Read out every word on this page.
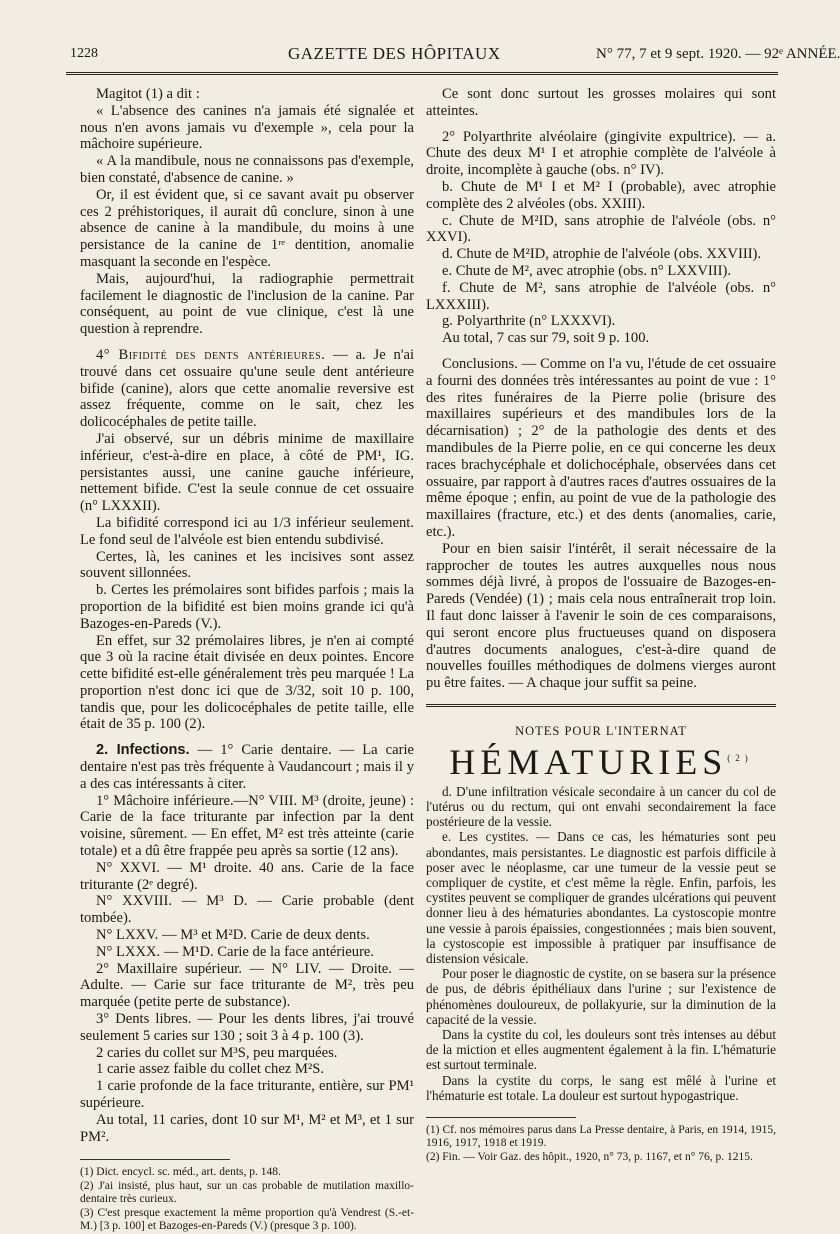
1228	GAZETTE DES HÔPITAUX	N° 77, 7 et 9 sept. 1920. — 92ᵉ ANNÉE.

Magitot (1) a dit :

« L'absence des canines n'a jamais été signalée et nous n'en avons jamais vu d'exemple », cela pour la mâchoire supérieure.

« A la mandibule, nous ne connaissons pas d'exemple, bien constaté, d'absence de canine. »

Or, il est évident que, si ce savant avait pu observer ces 2 préhistoriques, il aurait dû conclure, sinon à une absence de canine à la mandibule, du moins à une persistance de la canine de 1ʳᵉ dentition, anomalie masquant la seconde en l'espèce.

Mais, aujourd'hui, la radiographie permettrait facilement le diagnostic de l'inclusion de la canine. Par conséquent, au point de vue clinique, c'est là une question à reprendre.

4° Bifidité des dents antérieures. — a. Je n'ai trouvé dans cet ossuaire qu'une seule dent antérieure bifide (canine), alors que cette anomalie reversive est assez fréquente, comme on le sait, chez les dolicocéphales de petite taille.

J'ai observé, sur un débris minime de maxillaire inférieur, c'est-à-dire en place, à côté de PM¹, IG. persistantes aussi, une canine gauche inférieure, nettement bifide. C'est la seule connue de cet ossuaire (n° LXXXII).

La bifidité correspond ici au 1/3 inférieur seulement. Le fond seul de l'alvéole est bien entendu subdivisé.

Certes, là, les canines et les incisives sont assez souvent sillonnées.

b. Certes les prémolaires sont bifides parfois ; mais la proportion de la bifidité est bien moins grande ici qu'à Bazoges-en-Pareds (V.).

En effet, sur 32 prémolaires libres, je n'en ai compté que 3 où la racine était divisée en deux pointes. Encore cette bifidité est-elle généralement très peu marquée ! La proportion n'est donc ici que de 3/32, soit 10 p. 100, tandis que, pour les dolicocéphales de petite taille, elle était de 35 p. 100 (2).

2. Infections. — 1° Carie dentaire. — La carie dentaire n'est pas très fréquente à Vaudancourt ; mais il y a des cas intéressants à citer.

1° Mâchoire inférieure.—N° VIII. M³ (droite, jeune) : Carie de la face triturante par infection par la dent voisine, sûrement. — En effet, M² est très atteinte (carie totale) et a dû être frappée peu après sa sortie (12 ans).

N° XXVI. — M¹ droite. 40 ans. Carie de la face triturante (2ᵉ degré).

N° XXVIII. — M³ D. — Carie probable (dent tombée).

N° LXXV. — M³ et M²D. Carie de deux dents.

N° LXXX. — M¹D. Carie de la face antérieure.

2° Maxillaire supérieur. — N° LIV. — Droite. — Adulte. — Carie sur face triturante de M², très peu marquée (petite perte de substance).

3° Dents libres. — Pour les dents libres, j'ai trouvé seulement 5 caries sur 130 ; soit 3 à 4 p. 100 (3).

2 caries du collet sur M³S, peu marquées.

1 carie assez faible du collet chez M²S.

1 carie profonde de la face triturante, entière, sur PM¹ supérieure.

Au total, 11 caries, dont 10 sur M¹, M² et M³, et 1 sur PM².

(1) Dict. encycl. sc. méd., art. dents, p. 148.

(2) J'ai insisté, plus haut, sur un cas probable de mutilation maxillo-dentaire très curieux.

(3) C'est presque exactement la même proportion qu'à Vendrest (S.-et-M.) [3 p. 100] et Bazoges-en-Pareds (V.) (presque 3 p. 100).

Ce sont donc surtout les grosses molaires qui sont atteintes.

2° Polyarthrite alvéolaire (gingivite expultrice). — a. Chute des deux M¹ I et atrophie complète de l'alvéole à droite, incomplète à gauche (obs. n° IV).

b. Chute de M¹ I et M² I (probable), avec atrophie complète des 2 alvéoles (obs. XXIII).

c. Chute de M²ID, sans atrophie de l'alvéole (obs. n° XXVI).

d. Chute de M²ID, atrophie de l'alvéole (obs. XXVIII).

e. Chute de M², avec atrophie (obs. n° LXXVIII).

f. Chute de M², sans atrophie de l'alvéole (obs. n° LXXXIII).

g. Polyarthrite (n° LXXXVI).

Au total, 7 cas sur 79, soit 9 p. 100.

Conclusions. — Comme on l'a vu, l'étude de cet ossuaire a fourni des données très intéressantes au point de vue : 1° des rites funéraires de la Pierre polie (brisure des maxillaires supérieurs et des mandibules lors de la décarnisation) ; 2° de la pathologie des dents et des mandibules de la Pierre polie, en ce qui concerne les deux races brachycéphale et dolichocéphale, observées dans cet ossuaire, par rapport à d'autres races d'autres ossuaires de la même époque ; enfin, au point de vue de la pathologie des maxillaires (fracture, etc.) et des dents (anomalies, carie, etc.).

Pour en bien saisir l'intérêt, il serait nécessaire de la rapprocher de toutes les autres auxquelles nous nous sommes déjà livré, à propos de l'ossuaire de Bazoges-en-Pareds (Vendée) (1) ; mais cela nous entraînerait trop loin. Il faut donc laisser à l'avenir le soin de ces comparaisons, qui seront encore plus fructueuses quand on disposera d'autres documents analogues, c'est-à-dire quand de nouvelles fouilles méthodiques de dolmens vierges auront pu être faites. — A chaque jour suffit sa peine.

NOTES POUR L'INTERNAT

HÉMATURIES$^{(2)}$

d. D'une infiltration vésicale secondaire à un cancer du col de l'utérus ou du rectum, qui ont envahi secondairement la face postérieure de la vessie.

e. Les cystites. — Dans ce cas, les hématuries sont peu abondantes, mais persistantes. Le diagnostic est parfois difficile à poser avec le néoplasme, car une tumeur de la vessie peut se compliquer de cystite, et c'est même la règle. Enfin, parfois, les cystites peuvent se compliquer de grandes ulcérations qui peuvent donner lieu à des hématuries abondantes. La cystoscopie montre une vessie à parois épaissies, congestionnées ; mais bien souvent, la cystoscopie est impossible à pratiquer par insuffisance de distension vésicale.

Pour poser le diagnostic de cystite, on se basera sur la présence de pus, de débris épithéliaux dans l'urine ; sur l'existence de phénomènes douloureux, de pollakyurie, sur la diminution de la capacité de la vessie.

Dans la cystite du col, les douleurs sont très intenses au début de la miction et elles augmentent également à la fin. L'hématurie est surtout terminale.

Dans la cystite du corps, le sang est mêlé à l'urine et l'hématurie est totale. La douleur est surtout hypogastrique.

(1) Cf. nos mémoires parus dans La Presse dentaire, à Paris, en 1914, 1915, 1916, 1917, 1918 et 1919.

(2) Fin. — Voir Gaz. des hôpit., 1920, n° 73, p. 1167, et n° 76, p. 1215.
